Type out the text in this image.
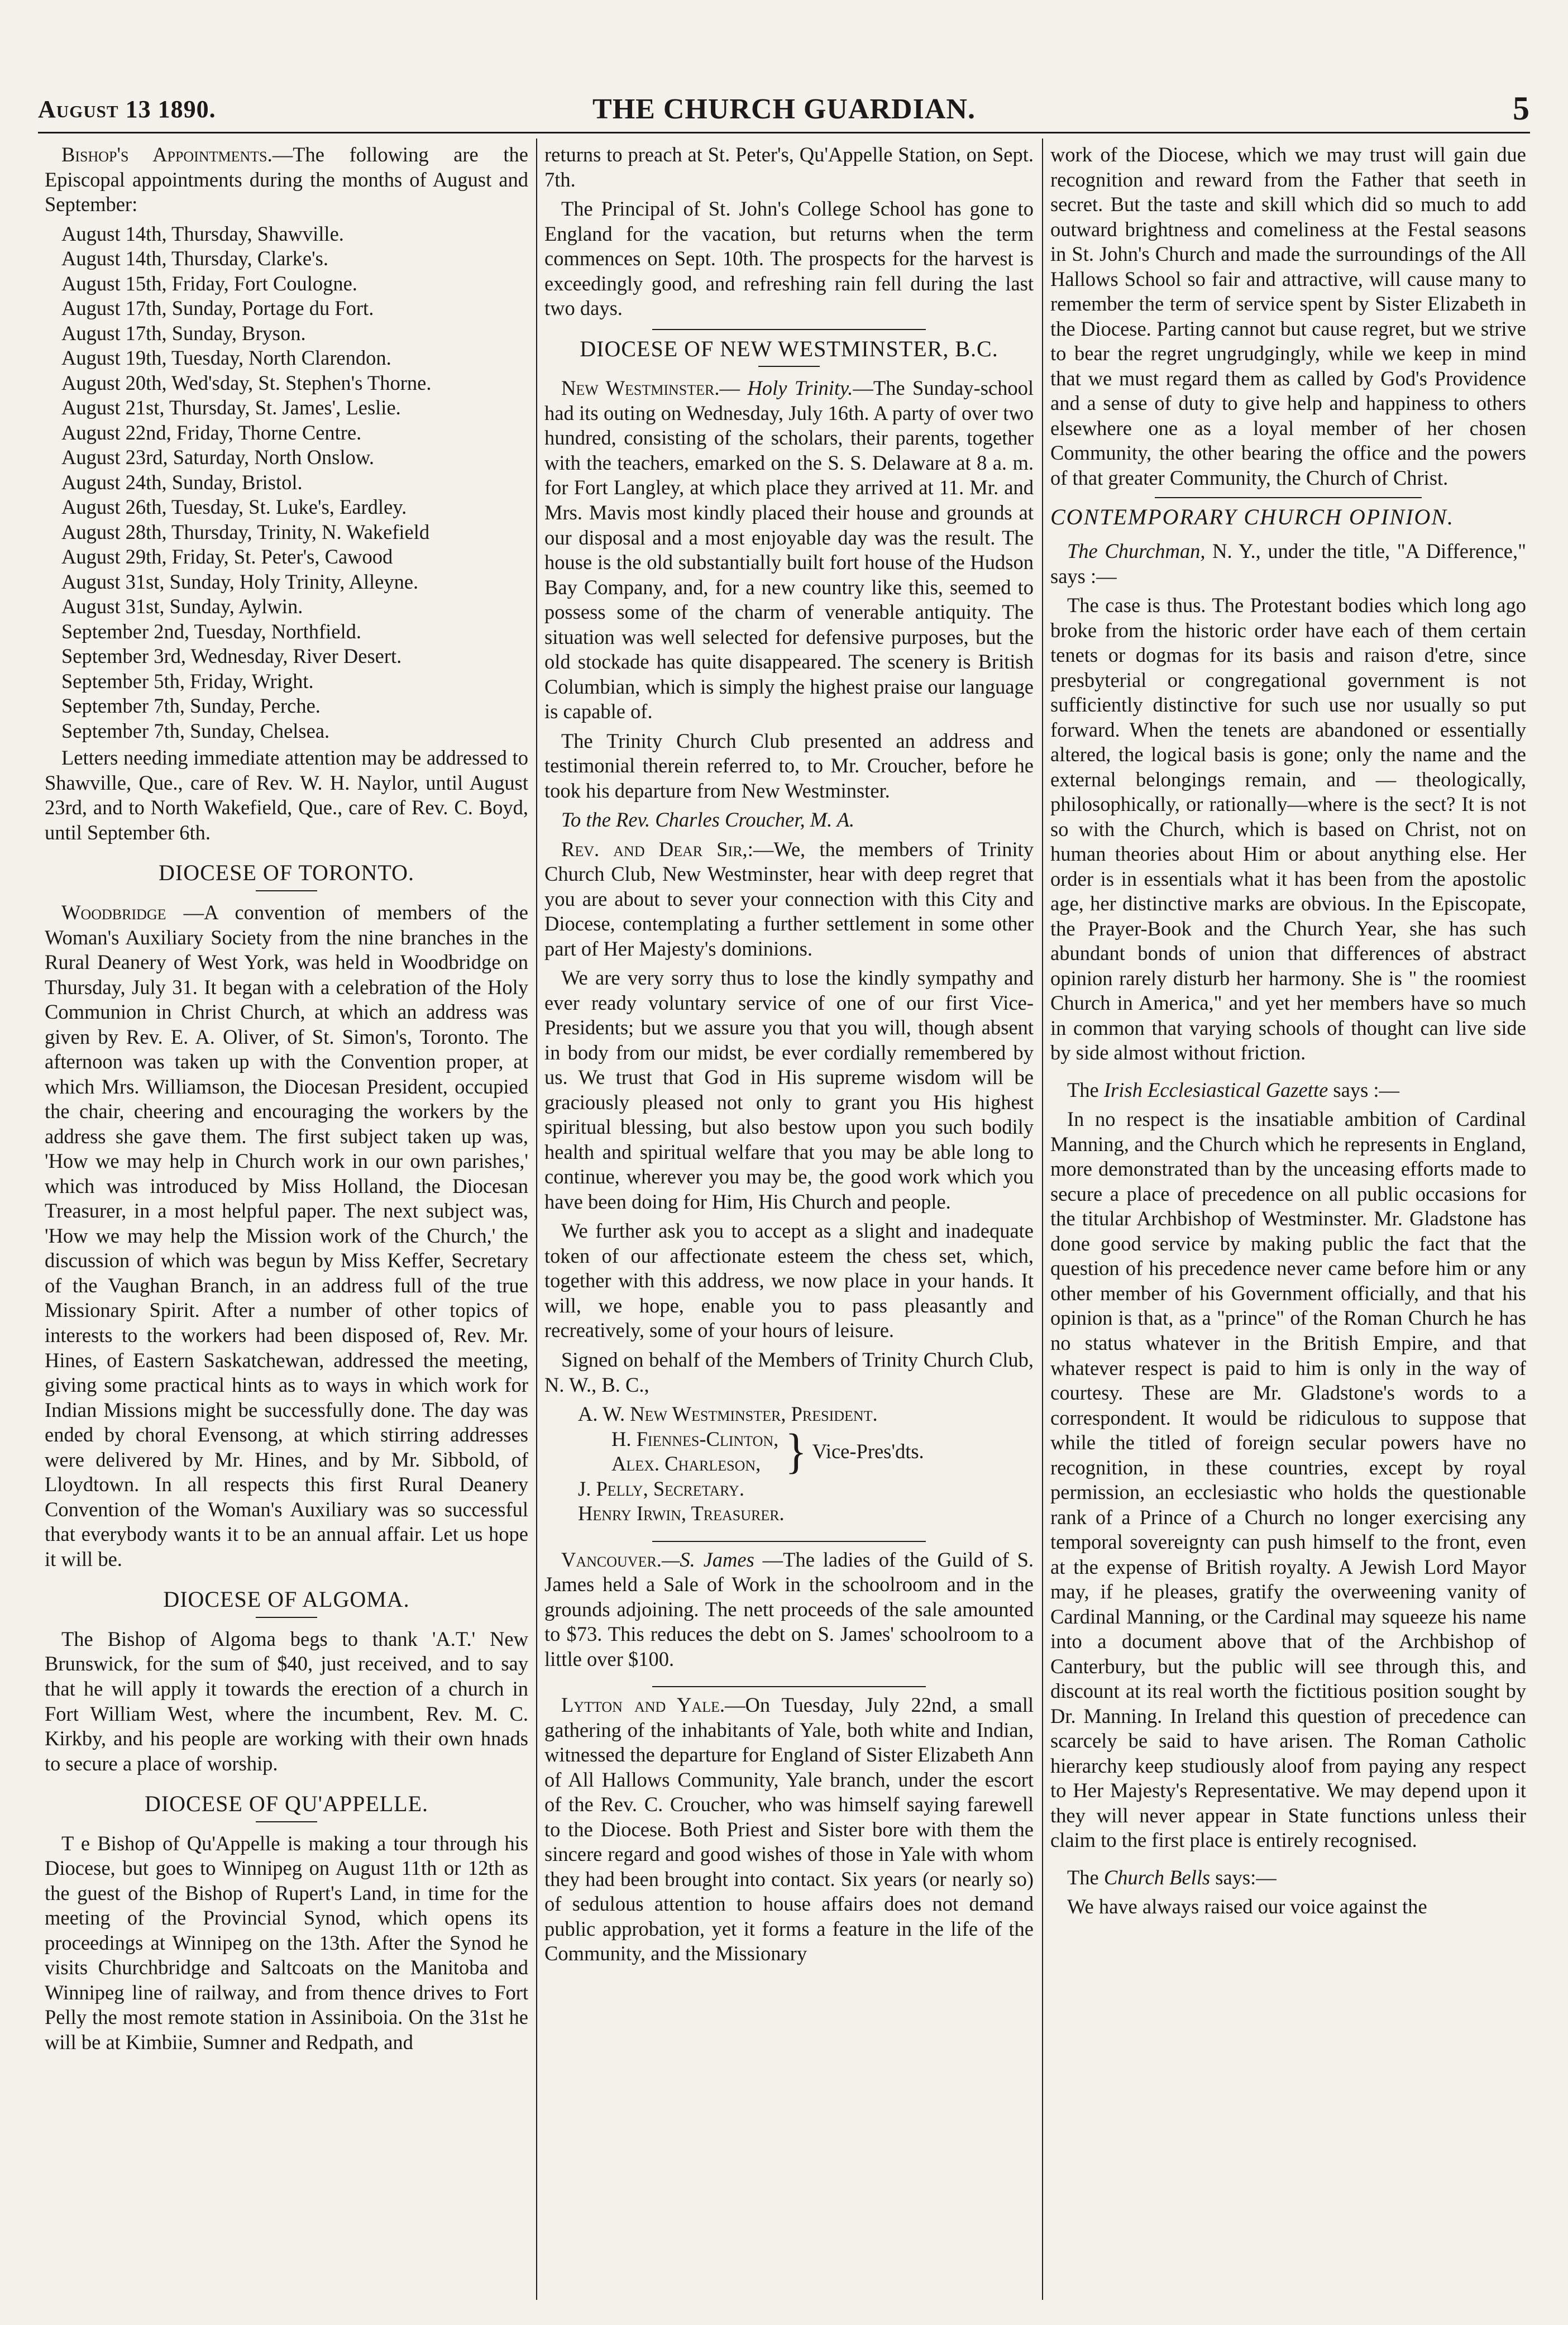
August 13 1890.	THE CHURCH GUARDIAN.	5

Bishop's Appointments.—The following are the Episcopal appointments during the months of August and September:

August 14th, Thursday, Shawville.
August 14th, Thursday, Clarke's.
August 15th, Friday, Fort Coulogne.
August 17th, Sunday, Portage du Fort.
August 17th, Sunday, Bryson.
August 19th, Tuesday, North Clarendon.
August 20th, Wed'sday, St. Stephen's Thorne.
August 21st, Thursday, St. James', Leslie.
August 22nd, Friday, Thorne Centre.
August 23rd, Saturday, North Onslow.
August 24th, Sunday, Bristol.
August 26th, Tuesday, St. Luke's, Eardley.
August 28th, Thursday, Trinity, N. Wakefield
August 29th, Friday, St. Peter's, Cawood
August 31st, Sunday, Holy Trinity, Alleyne.
August 31st, Sunday, Aylwin.
September 2nd, Tuesday, Northfield.
September 3rd, Wednesday, River Desert.
September 5th, Friday, Wright.
September 7th, Sunday, Perche.
September 7th, Sunday, Chelsea.

Letters needing immediate attention may be addressed to Shawville, Que., care of Rev. W. H. Naylor, until August 23rd, and to North Wakefield, Que., care of Rev. C. Boyd, until September 6th.

DIOCESE OF TORONTO.

Woodbridge —A convention of members of the Woman's Auxiliary Society from the nine branches in the Rural Deanery of West York, was held in Woodbridge on Thursday, July 31. It began with a celebration of the Holy Communion in Christ Church, at which an address was given by Rev. E. A. Oliver, of St. Simon's, Toronto. The afternoon was taken up with the Convention proper, at which Mrs. Williamson, the Diocesan President, occupied the chair, cheering and encouraging the workers by the address she gave them. The first subject taken up was, 'How we may help in Church work in our own parishes,' which was introduced by Miss Holland, the Diocesan Treasurer, in a most helpful paper. The next subject was, 'How we may help the Mission work of the Church,' the discussion of which was begun by Miss Keffer, Secretary of the Vaughan Branch, in an address full of the true Missionary Spirit. After a number of other topics of interests to the workers had been disposed of, Rev. Mr. Hines, of Eastern Saskatchewan, addressed the meeting, giving some practical hints as to ways in which work for Indian Missions might be successfully done. The day was ended by choral Evensong, at which stirring addresses were delivered by Mr. Hines, and by Mr. Sibbold, of Lloydtown. In all respects this first Rural Deanery Convention of the Woman's Auxiliary was so successful that everybody wants it to be an annual affair. Let us hope it will be.

DIOCESE OF ALGOMA.

The Bishop of Algoma begs to thank 'A.T.' New Brunswick, for the sum of $40, just received, and to say that he will apply it towards the erection of a church in Fort William West, where the incumbent, Rev. M. C. Kirkby, and his people are working with their own hnads to secure a place of worship.

DIOCESE OF QU'APPELLE.

T e Bishop of Qu'Appelle is making a tour through his Diocese, but goes to Winnipeg on August 11th or 12th as the guest of the Bishop of Rupert's Land, in time for the meeting of the Provincial Synod, which opens its proceedings at Winnipeg on the 13th. After the Synod he visits Churchbridge and Saltcoats on the Manitoba and Winnipeg line of railway, and from thence drives to Fort Pelly the most remote station in Assiniboia. On the 31st he will be at Kimbiie, Sumner and Redpath, and

returns to preach at St. Peter's, Qu'Appelle Station, on Sept. 7th.

The Principal of St. John's College School has gone to England for the vacation, but returns when the term commences on Sept. 10th. The prospects for the harvest is exceedingly good, and refreshing rain fell during the last two days.

DIOCESE OF NEW WESTMINSTER, B.C.

New Westminster.— Holy Trinity.—The Sunday-school had its outing on Wednesday, July 16th. A party of over two hundred, consisting of the scholars, their parents, together with the teachers, emarked on the S. S. Delaware at 8 a. m. for Fort Langley, at which place they arrived at 11. Mr. and Mrs. Mavis most kindly placed their house and grounds at our disposal and a most enjoyable day was the result. The house is the old substantially built fort house of the Hudson Bay Company, and, for a new country like this, seemed to possess some of the charm of venerable antiquity. The situation was well selected for defensive purposes, but the old stockade has quite disappeared. The scenery is British Columbian, which is simply the highest praise our language is capable of.

The Trinity Church Club presented an address and testimonial therein referred to, to Mr. Croucher, before he took his departure from New Westminster.

To the Rev. Charles Croucher, M. A.

Rev. and Dear Sir,:—We, the members of Trinity Church Club, New Westminster, hear with deep regret that you are about to sever your connection with this City and Diocese, contemplating a further settlement in some other part of Her Majesty's dominions.

We are very sorry thus to lose the kindly sympathy and ever ready voluntary service of one of our first Vice-Presidents; but we assure you that you will, though absent in body from our midst, be ever cordially remembered by us. We trust that God in His supreme wisdom will be graciously pleased not only to grant you His highest spiritual blessing, but also bestow upon you such bodily health and spiritual welfare that you may be able long to continue, wherever you may be, the good work which you have been doing for Him, His Church and people.

We further ask you to accept as a slight and inadequate token of our affectionate esteem the chess set, which, together with this address, we now place in your hands. It will, we hope, enable you to pass pleasantly and recreatively, some of your hours of leisure.

Signed on behalf of the Members of Trinity Church Club, N. W., B. C.,

A. W. New Westminster, President.
H. Fiennes-Clinton,
Alex. Charleson, } Vice-Pres'dts.
J. Pelly, Secretary.
Henry Irwin, Treasurer.

Vancouver.—S. James —The ladies of the Guild of S. James held a Sale of Work in the schoolroom and in the grounds adjoining. The nett proceeds of the sale amounted to $73. This reduces the debt on S. James' schoolroom to a little over $100.

Lytton and Yale.—On Tuesday, July 22nd, a small gathering of the inhabitants of Yale, both white and Indian, witnessed the departure for England of Sister Elizabeth Ann of All Hallows Community, Yale branch, under the escort of the Rev. C. Croucher, who was himself saying farewell to the Diocese. Both Priest and Sister bore with them the sincere regard and good wishes of those in Yale with whom they had been brought into contact. Six years (or nearly so) of sedulous attention to house affairs does not demand public approbation, yet it forms a feature in the life of the Community, and the Missionary

work of the Diocese, which we may trust will gain due recognition and reward from the Father that seeth in secret. But the taste and skill which did so much to add outward brightness and comeliness at the Festal seasons in St. John's Church and made the surroundings of the All Hallows School so fair and attractive, will cause many to remember the term of service spent by Sister Elizabeth in the Diocese. Parting cannot but cause regret, but we strive to bear the regret ungrudgingly, while we keep in mind that we must regard them as called by God's Providence and a sense of duty to give help and happiness to others elsewhere one as a loyal member of her chosen Community, the other bearing the office and the powers of that greater Community, the Church of Christ.

CONTEMPORARY CHURCH OPINION.

The Churchman, N. Y., under the title, "A Difference," says :—

The case is thus. The Protestant bodies which long ago broke from the historic order have each of them certain tenets or dogmas for its basis and raison d'etre, since presbyterial or congregational government is not sufficiently distinctive for such use nor usually so put forward. When the tenets are abandoned or essentially altered, the logical basis is gone; only the name and the external belongings remain, and — theologically, philosophically, or rationally—where is the sect? It is not so with the Church, which is based on Christ, not on human theories about Him or about anything else. Her order is in essentials what it has been from the apostolic age, her distinctive marks are obvious. In the Episcopate, the Prayer-Book and the Church Year, she has such abundant bonds of union that differences of abstract opinion rarely disturb her harmony. She is " the roomiest Church in America," and yet her members have so much in common that varying schools of thought can live side by side almost without friction.

The Irish Ecclesiastical Gazette says :—

In no respect is the insatiable ambition of Cardinal Manning, and the Church which he represents in England, more demonstrated than by the unceasing efforts made to secure a place of precedence on all public occasions for the titular Archbishop of Westminster. Mr. Gladstone has done good service by making public the fact that the question of his precedence never came before him or any other member of his Government officially, and that his opinion is that, as a "prince" of the Roman Church he has no status whatever in the British Empire, and that whatever respect is paid to him is only in the way of courtesy. These are Mr. Gladstone's words to a correspondent. It would be ridiculous to suppose that while the titled of foreign secular powers have no recognition, in these countries, except by royal permission, an ecclesiastic who holds the questionable rank of a Prince of a Church no longer exercising any temporal sovereignty can push himself to the front, even at the expense of British royalty. A Jewish Lord Mayor may, if he pleases, gratify the overweening vanity of Cardinal Manning, or the Cardinal may squeeze his name into a document above that of the Archbishop of Canterbury, but the public will see through this, and discount at its real worth the fictitious position sought by Dr. Manning. In Ireland this question of precedence can scarcely be said to have arisen. The Roman Catholic hierarchy keep studiously aloof from paying any respect to Her Majesty's Representative. We may depend upon it they will never appear in State functions unless their claim to the first place is entirely recognised.

The Church Bells says:—

We have always raised our voice against the
